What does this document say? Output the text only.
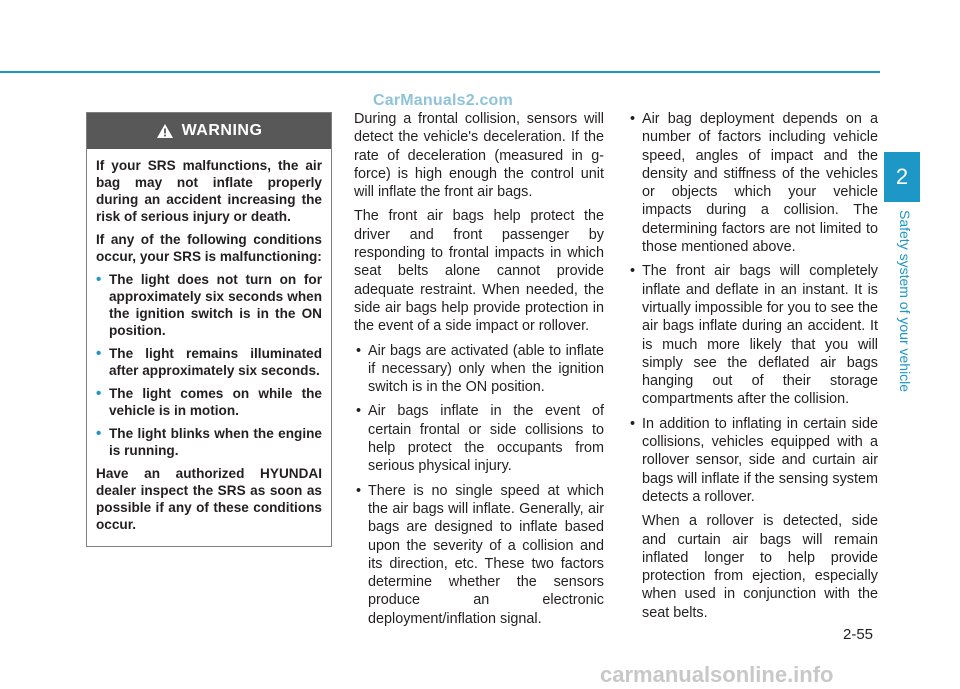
CarManuals2.com
WARNING

If your SRS malfunctions, the air bag may not inflate properly during an accident increasing the risk of serious injury or death.

If any of the following conditions occur, your SRS is malfunctioning:

• The light does not turn on for approximately six seconds when the ignition switch is in the ON position.
• The light remains illuminated after approximately six seconds.
• The light comes on while the vehicle is in motion.
• The light blinks when the engine is running.

Have an authorized HYUNDAI dealer inspect the SRS as soon as possible if any of these conditions occur.

During a frontal collision, sensors will detect the vehicle's deceleration. If the rate of deceleration (measured in g-force) is high enough the control unit will inflate the front air bags.

The front air bags help protect the driver and front passenger by responding to frontal impacts in which seat belts alone cannot provide adequate restraint. When needed, the side air bags help provide protection in the event of a side impact or rollover.

• Air bags are activated (able to inflate if necessary) only when the ignition switch is in the ON position.
• Air bags inflate in the event of certain frontal or side collisions to help protect the occupants from serious physical injury.
• There is no single speed at which the air bags will inflate. Generally, air bags are designed to inflate based upon the severity of a collision and its direction, etc. These two factors determine whether the sensors produce an electronic deployment/inflation signal.
• Air bag deployment depends on a number of factors including vehicle speed, angles of impact and the density and stiffness of the vehicles or objects which your vehicle impacts during a collision. The determining factors are not limited to those mentioned above.
• The front air bags will completely inflate and deflate in an instant. It is virtually impossible for you to see the air bags inflate during an accident. It is much more likely that you will simply see the deflated air bags hanging out of their storage compartments after the collision.
• In addition to inflating in certain side collisions, vehicles equipped with a rollover sensor, side and curtain air bags will inflate if the sensing system detects a rollover.

When a rollover is detected, side and curtain air bags will remain inflated longer to help provide protection from ejection, especially when used in conjunction with the seat belts.

2
Safety system of your vehicle
2-55
carmanualsonline.info
